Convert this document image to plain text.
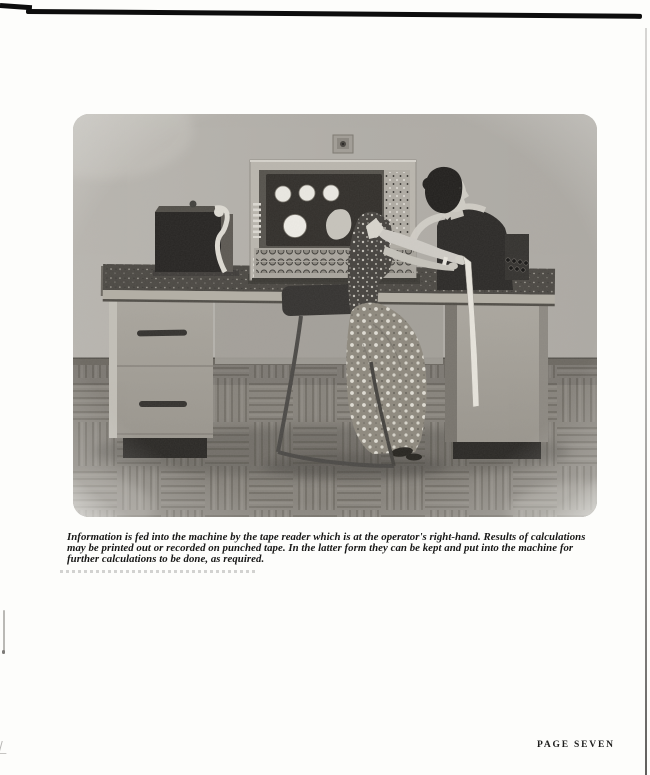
Information is fed into the machine by the tape reader which is at the operator's right-hand. Results of calculations
may be printed out or recorded on punched tape. In the latter form they can be kept and put into the machine for
further calculations to be done, as required.
PAGE SEVEN
